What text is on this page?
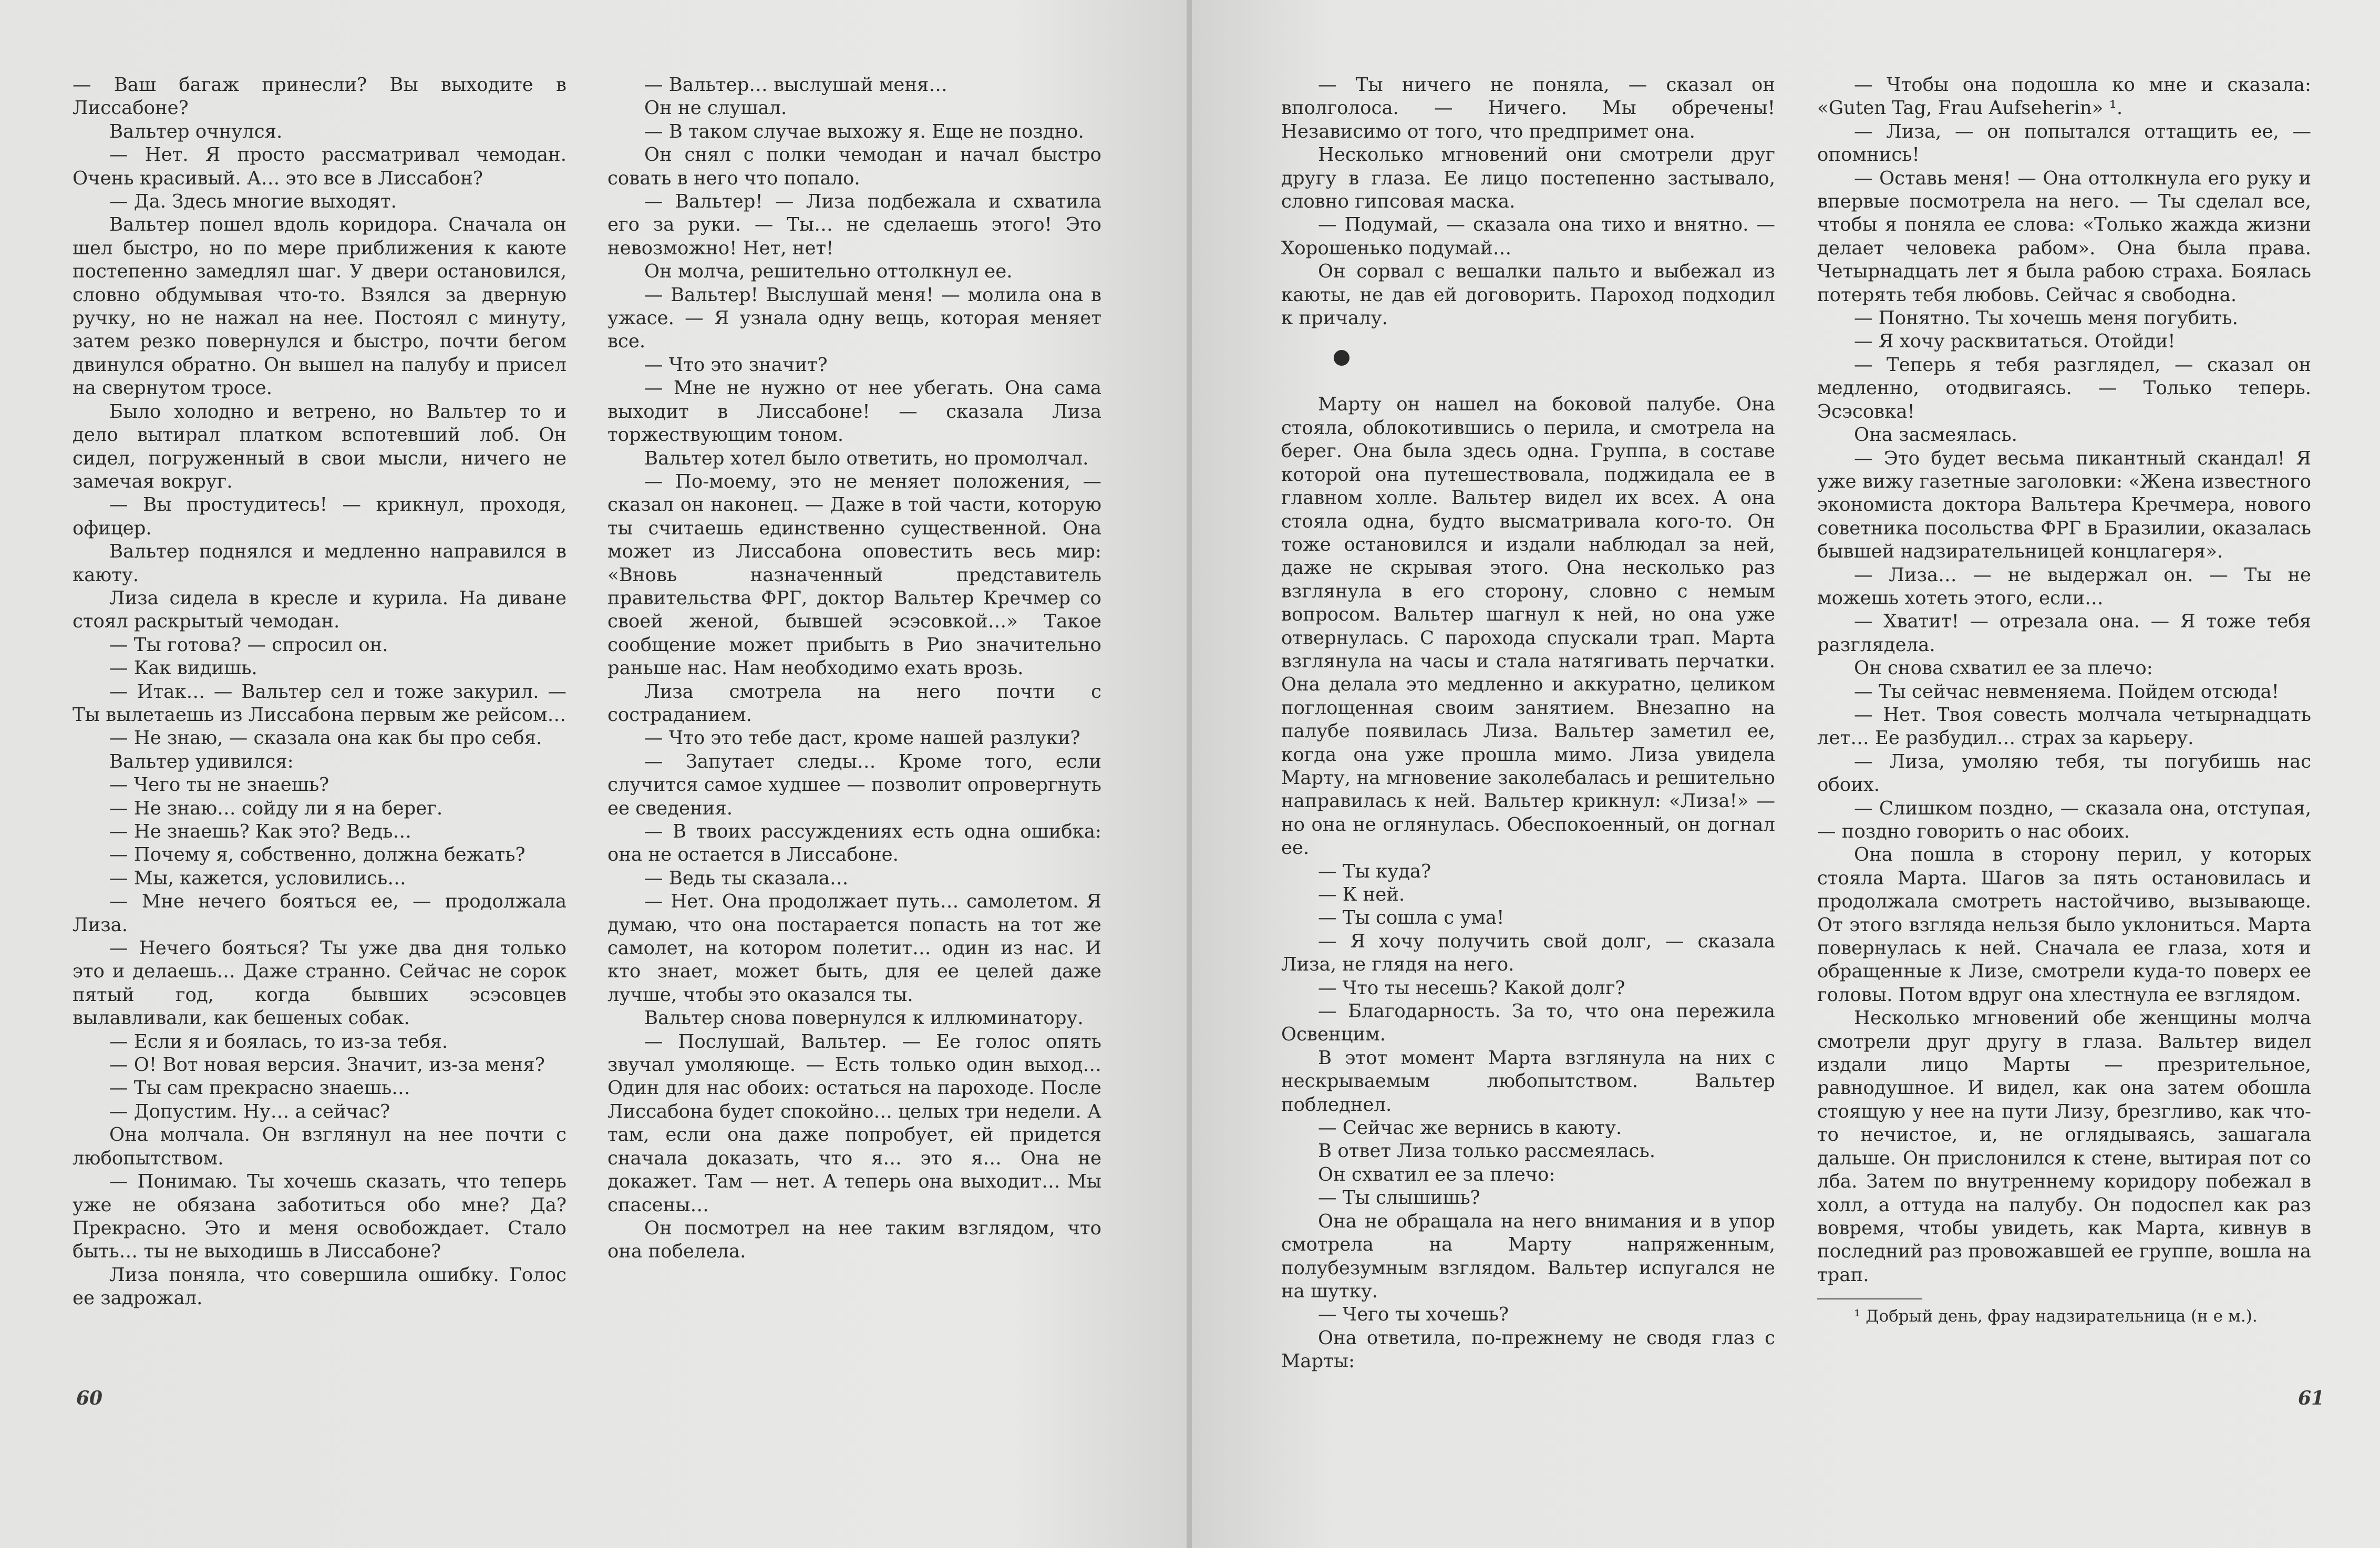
— Ваш багаж принесли? Вы выходите в Лиссабоне?

Вальтер очнулся.

— Нет. Я просто рассматривал чемодан. Очень красивый. А… это все в Лиссабон?

— Да. Здесь многие выходят.

Вальтер пошел вдоль коридора. Сначала он шел быстро, но по мере приближения к каюте постепенно замедлял шаг. У двери остановился, словно обдумывая что-то. Взялся за дверную ручку, но не нажал на нее. Постоял с минуту, затем резко повернулся и быстро, почти бегом двинулся обратно. Он вышел на палубу и присел на свернутом тросе.

Было холодно и ветрено, но Вальтер то и дело вытирал платком вспотевший лоб. Он сидел, погруженный в свои мысли, ничего не замечая вокруг.

— Вы простудитесь! — крикнул, проходя, офицер.

Вальтер поднялся и медленно направился в каюту.

Лиза сидела в кресле и курила. На диване стоял раскрытый чемодан.

— Ты готова? — спросил он.

— Как видишь.

— Итак… — Вальтер сел и тоже закурил. — Ты вылетаешь из Лиссабона первым же рейсом…

— Не знаю, — сказала она как бы про себя.

Вальтер удивился:

— Чего ты не знаешь?

— Не знаю… сойду ли я на берег.

— Не знаешь? Как это? Ведь…

— Почему я, собственно, должна бежать?

— Мы, кажется, условились…

— Мне нечего бояться ее, — продолжала Лиза.

— Нечего бояться? Ты уже два дня только это и делаешь… Даже странно. Сейчас не сорок пятый год, когда бывших эсэсовцев вылавливали, как бешеных собак.

— Если я и боялась, то из-за тебя.

— О! Вот новая версия. Значит, из-за меня?

— Ты сам прекрасно знаешь…

— Допустим. Ну… а сейчас?

Она молчала. Он взглянул на нее почти с любопытством.

— Понимаю. Ты хочешь сказать, что теперь уже не обязана заботиться обо мне? Да? Прекрасно. Это и меня освобождает. Стало быть… ты не выходишь в Лиссабоне?

Лиза поняла, что совершила ошибку. Голос ее задрожал.

— Вальтер… выслушай меня…

Он не слушал.

— В таком случае выхожу я. Еще не поздно.

Он снял с полки чемодан и начал быстро совать в него что попало.

— Вальтер! — Лиза подбежала и схватила его за руки. — Ты… не сделаешь этого! Это невозможно! Нет, нет!

Он молча, решительно оттолкнул ее.

— Вальтер! Выслушай меня! — молила она в ужасе. — Я узнала одну вещь, которая меняет все.

— Что это значит?

— Мне не нужно от нее убегать. Она сама выходит в Лиссабоне! — сказала Лиза торжествующим тоном.

Вальтер хотел было ответить, но промолчал.

— По-моему, это не меняет положения, — сказал он наконец. — Даже в той части, которую ты считаешь единственно существенной. Она может из Лиссабона оповестить весь мир: «Вновь назначенный представитель правительства ФРГ, доктор Вальтер Кречмер со своей женой, бывшей эсэсовкой…» Такое сообщение может прибыть в Рио значительно раньше нас. Нам необходимо ехать врозь.

Лиза смотрела на него почти с состраданием.

— Что это тебе даст, кроме нашей разлуки?

— Запутает следы… Кроме того, если случится самое худшее — позволит опровергнуть ее сведения.

— В твоих рассуждениях есть одна ошибка: она не остается в Лиссабоне.

— Ведь ты сказала…

— Нет. Она продолжает путь… самолетом. Я думаю, что она постарается попасть на тот же самолет, на котором полетит… один из нас. И кто знает, может быть, для ее целей даже лучше, чтобы это оказался ты.

Вальтер снова повернулся к иллюминатору.

— Послушай, Вальтер. — Ее голос опять звучал умоляюще. — Есть только один выход… Один для нас обоих: остаться на пароходе. После Лиссабона будет спокойно… целых три недели. А там, если она даже попробует, ей придется сначала доказать, что я… это я… Она не докажет. Там — нет. А теперь она выходит… Мы спасены…

Он посмотрел на нее таким взглядом, что она побелела.

60

— Ты ничего не поняла, — сказал он вполголоса. — Ничего. Мы обречены! Независимо от того, что предпримет она.

Несколько мгновений они смотрели друг другу в глаза. Ее лицо постепенно застывало, словно гипсовая маска.

— Подумай, — сказала она тихо и внятно. — Хорошенько подумай…

Он сорвал с вешалки пальто и выбежал из каюты, не дав ей договорить. Пароход подходил к причалу.

Марту он нашел на боковой палубе. Она стояла, облокотившись о перила, и смотрела на берег. Она была здесь одна. Группа, в составе которой она путешествовала, поджидала ее в главном холле. Вальтер видел их всех. А она стояла одна, будто высматривала кого-то. Он тоже остановился и издали наблюдал за ней, даже не скрывая этого. Она несколько раз взглянула в его сторону, словно с немым вопросом. Вальтер шагнул к ней, но она уже отвернулась. С парохода спускали трап. Марта взглянула на часы и стала натягивать перчатки. Она делала это медленно и аккуратно, целиком поглощенная своим занятием. Внезапно на палубе появилась Лиза. Вальтер заметил ее, когда она уже прошла мимо. Лиза увидела Марту, на мгновение заколебалась и решительно направилась к ней. Вальтер крикнул: «Лиза!» — но она не оглянулась. Обеспокоенный, он догнал ее.

— Ты куда?

— К ней.

— Ты сошла с ума!

— Я хочу получить свой долг, — сказала Лиза, не глядя на него.

— Что ты несешь? Какой долг?

— Благодарность. За то, что она пережила Освенцим.

В этот момент Марта взглянула на них с нескрываемым любопытством. Вальтер побледнел.

— Сейчас же вернись в каюту.

В ответ Лиза только рассмеялась.

Он схватил ее за плечо:

— Ты слышишь?

Она не обращала на него внимания и в упор смотрела на Марту напряженным, полубезумным взглядом. Вальтер испугался не на шутку.

— Чего ты хочешь?

Она ответила, по-прежнему не сводя глаз с Марты:

— Чтобы она подошла ко мне и сказала: «Guten Tag, Frau Aufseherin» ¹.

— Лиза, — он попытался оттащить ее, — опомнись!

— Оставь меня! — Она оттолкнула его руку и впервые посмотрела на него. — Ты сделал все, чтобы я поняла ее слова: «Только жажда жизни делает человека рабом». Она была права. Четырнадцать лет я была рабою страха. Боялась потерять тебя любовь. Сейчас я свободна.

— Понятно. Ты хочешь меня погубить.

— Я хочу расквитаться. Отойди!

— Теперь я тебя разглядел, — сказал он медленно, отодвигаясь. — Только теперь. Эсэсовка!

Она засмеялась.

— Это будет весьма пикантный скандал! Я уже вижу газетные заголовки: «Жена известного экономиста доктора Вальтера Кречмера, нового советника посольства ФРГ в Бразилии, оказалась бывшей надзирательницей концлагеря».

— Лиза… — не выдержал он. — Ты не можешь хотеть этого, если…

— Хватит! — отрезала она. — Я тоже тебя разглядела.

Он снова схватил ее за плечо:

— Ты сейчас невменяема. Пойдем отсюда!

— Нет. Твоя совесть молчала четырнадцать лет… Ее разбудил… страх за карьеру.

— Лиза, умоляю тебя, ты погубишь нас обоих.

— Слишком поздно, — сказала она, отступая, — поздно говорить о нас обоих.

Она пошла в сторону перил, у которых стояла Марта. Шагов за пять остановилась и продолжала смотреть настойчиво, вызывающе. От этого взгляда нельзя было уклониться. Марта повернулась к ней. Сначала ее глаза, хотя и обращенные к Лизе, смотрели куда-то поверх ее головы. Потом вдруг она хлестнула ее взглядом.

Несколько мгновений обе женщины молча смотрели друг другу в глаза. Вальтер видел издали лицо Марты — презрительное, равнодушное. И видел, как она затем обошла стоящую у нее на пути Лизу, брезгливо, как что-то нечистое, и, не оглядываясь, зашагала дальше. Он прислонился к стене, вытирая пот со лба. Затем по внутреннему коридору побежал в холл, а оттуда на палубу. Он подоспел как раз вовремя, чтобы увидеть, как Марта, кивнув в последний раз провожавшей ее группе, вошла на трап.

¹ Добрый день, фрау надзирательница (н е м.).
61
